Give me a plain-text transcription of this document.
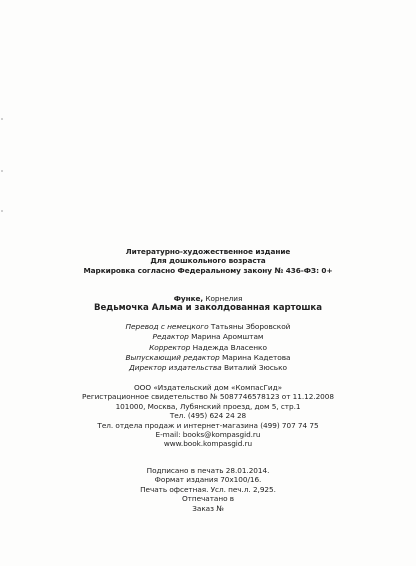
Литературно-художественное издание
Для дошкольного возраста
Маркировка согласно Федеральному закону № 436-ФЗ: 0+
Функе, Корнелия
Ведьмочка Альма и заколдованная картошка
Перевод с немецкого Татьяны Зборовской
Редактор Марина Аромштам
Корректор Надежда Власенко
Выпускающий редактор Марина Кадетова
Директор издательства Виталий Зюсько
ООО «Издательский дом «КомпасГид»
Регистрационное свидетельство № 5087746578123 от 11.12.2008
101000, Москва, Лубянский проезд, дом 5, стр.1
Тел. (495) 624 24 28
Тел. отдела продаж и интернет-магазина (499) 707 74 75
E-mail: books@kompasgid.ru
www.book.kompasgid.ru
Подписано в печать 28.01.2014.
Формат издания 70х100/16.
Печать офсетная. Усл. печ.л. 2,925.
Отпечатано в
Заказ №
